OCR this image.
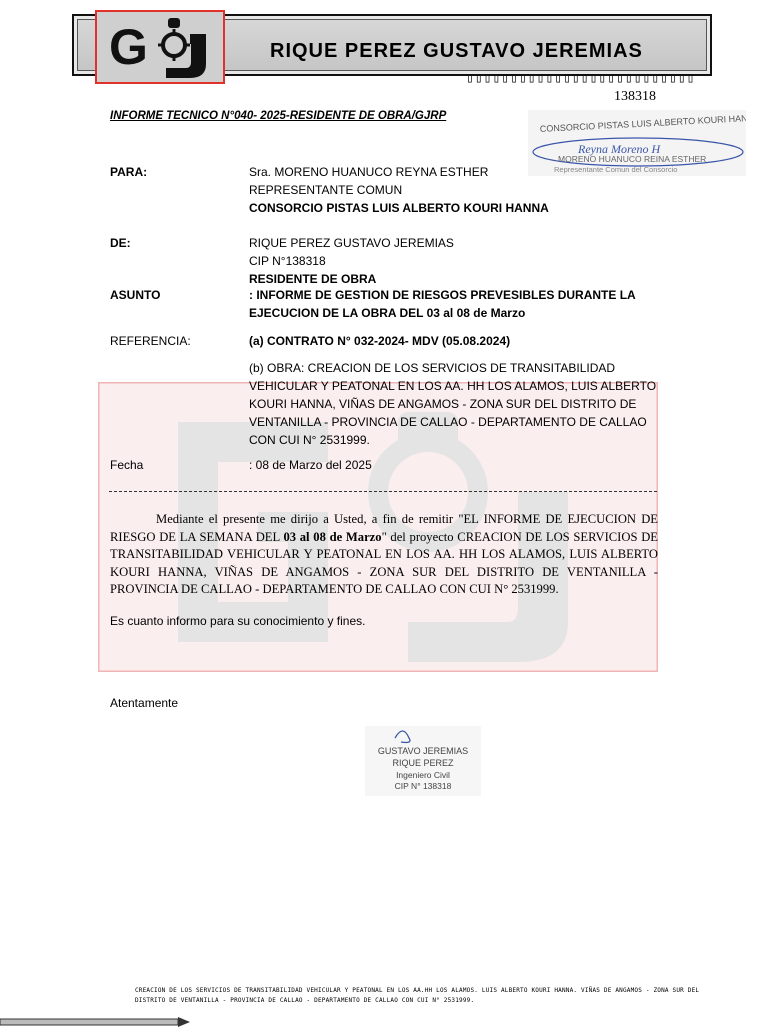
RIQUE PEREZ GUSTAVO JEREMIAS
G
▯▯▯▯▯▯▯▯▯▯▯▯▯▯▯▯▯▯▯▯▯▯▯▯▯▯
138318
CONSORCIO PISTAS LUIS ALBERTO KOURI HANNA
Reyna Moreno H
MORENO HUANUCO REINA ESTHER
Representante Comun del Consorcio
INFORME TECNICO N°040- 2025-RESIDENTE DE OBRA/GJRP
PARA:	Sra. MORENO HUANUCO REYNA ESTHER
REPRESENTANTE COMUN
CONSORCIO PISTAS LUIS ALBERTO KOURI HANNA
DE:	RIQUE PEREZ GUSTAVO JEREMIAS
CIP N°138318
RESIDENTE DE OBRA
ASUNTO	: INFORME DE GESTION DE RIESGOS PREVESIBLES DURANTE LA
EJECUCION DE LA OBRA DEL 03 al 08 de Marzo
REFERENCIA:	(a) CONTRATO N° 032-2024- MDV (05.08.2024)
(b) OBRA: CREACION DE LOS SERVICIOS DE TRANSITABILIDAD
VEHICULAR Y PEATONAL EN LOS AA. HH LOS ALAMOS, LUIS ALBERTO
KOURI HANNA, VIÑAS DE ANGAMOS - ZONA SUR DEL DISTRITO DE
VENTANILLA - PROVINCIA DE CALLAO - DEPARTAMENTO DE CALLAO
CON CUI N° 2531999.
Fecha	: 08 de Marzo del 2025
Mediante el presente me dirijo a Usted, a fin de remitir "EL INFORME DE EJECUCION DE RIESGO DE LA SEMANA DEL 03 al 08 de Marzo" del proyecto CREACION DE LOS SERVICIOS DE TRANSITABILIDAD VEHICULAR Y PEATONAL EN LOS AA. HH LOS ALAMOS, LUIS ALBERTO KOURI HANNA, VIÑAS DE ANGAMOS - ZONA SUR DEL DISTRITO DE VENTANILLA - PROVINCIA DE CALLAO - DEPARTAMENTO DE CALLAO CON CUI N° 2531999.
Es cuanto informo para su conocimiento y fines.
Atentamente
GUSTAVO JEREMIAS
RIQUE PEREZ
Ingeniero Civil
CIP N° 138318
CREACION DE LOS SERVICIOS DE TRANSITABILIDAD VEHICULAR Y PEATONAL EN LOS AA.HH LOS ALAMOS. LUIS ALBERTO KOURI HANNA. VIÑAS DE ANGAMOS - ZONA SUR DEL DISTRITO DE VENTANILLA - PROVINCIA DE CALLAO - DEPARTAMENTO DE CALLAO CON CUI N° 2531999.
